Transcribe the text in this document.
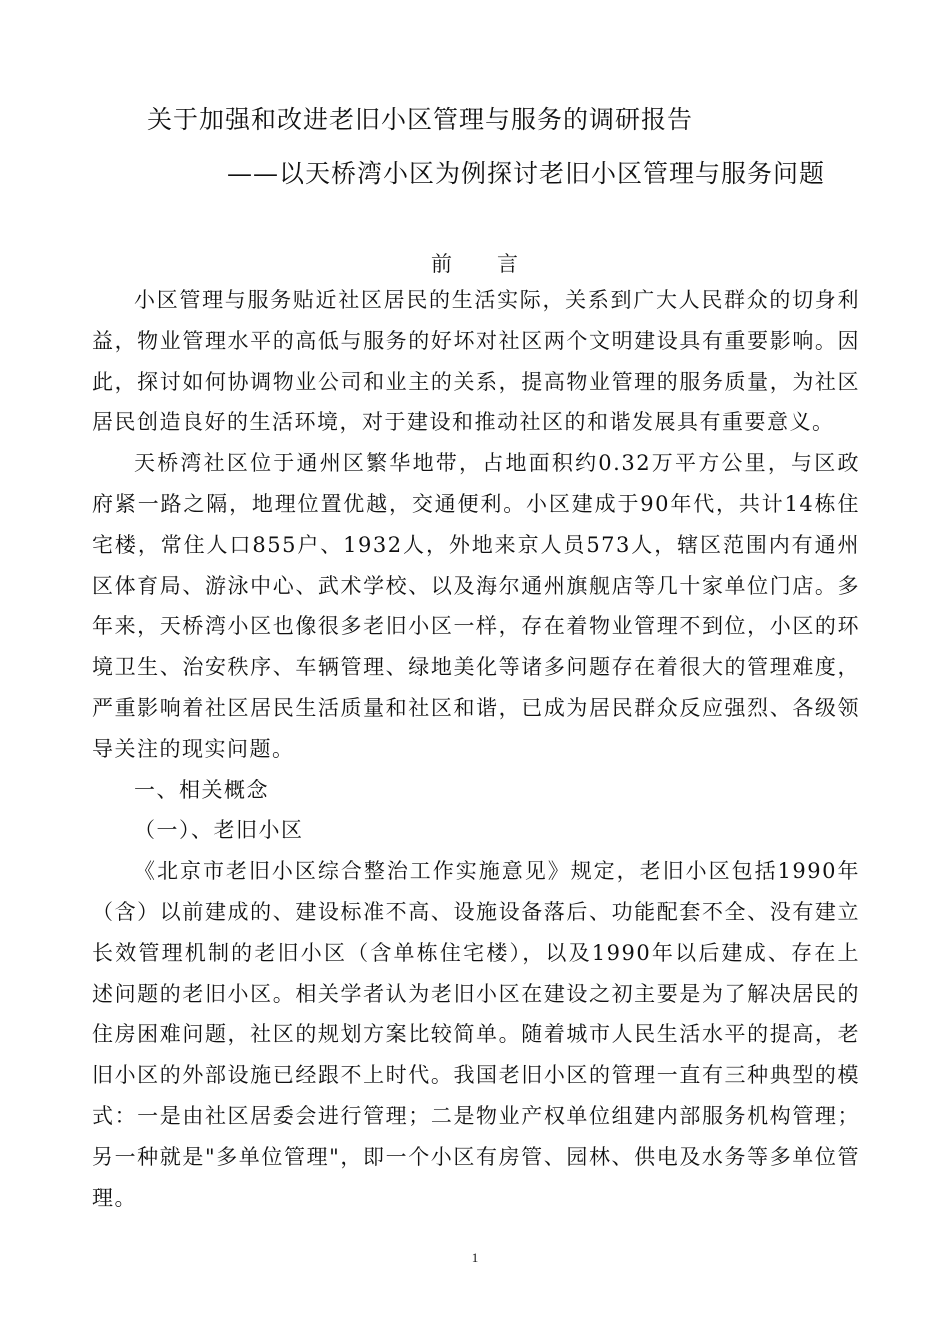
关于加强和改进老旧小区管理与服务的调研报告
——以天桥湾小区为例探讨老旧小区管理与服务问题
前　　言

小区管理与服务贴近社区居民的生活实际，关系到广大人民群众的切身利益，物业管理水平的高低与服务的好坏对社区两个文明建设具有重要影响。因此，探讨如何协调物业公司和业主的关系，提高物业管理的服务质量，为社区居民创造良好的生活环境，对于建设和推动社区的和谐发展具有重要意义。

天桥湾社区位于通州区繁华地带，占地面积约0.32万平方公里，与区政府紧一路之隔，地理位置优越，交通便利。小区建成于90年代，共计14栋住宅楼，常住人口855户、1932人，外地来京人员573人，辖区范围内有通州区体育局、游泳中心、武术学校、以及海尔通州旗舰店等几十家单位门店。多年来，天桥湾小区也像很多老旧小区一样，存在着物业管理不到位，小区的环境卫生、治安秩序、车辆管理、绿地美化等诸多问题存在着很大的管理难度，严重影响着社区居民生活质量和社区和谐，已成为居民群众反应强烈、各级领导关注的现实问题。

一、相关概念

（一）、老旧小区

《北京市老旧小区综合整治工作实施意见》规定，老旧小区包括1990年（含）以前建成的、建设标准不高、设施设备落后、功能配套不全、没有建立长效管理机制的老旧小区（含单栋住宅楼），以及1990年以后建成、存在上述问题的老旧小区。相关学者认为老旧小区在建设之初主要是为了解决居民的住房困难问题，社区的规划方案比较简单。随着城市人民生活水平的提高，老旧小区的外部设施已经跟不上时代。我国老旧小区的管理一直有三种典型的模式：一是由社区居委会进行管理；二是物业产权单位组建内部服务机构管理；另一种就是"多单位管理"，即一个小区有房管、园林、供电及水务等多单位管理。

1
